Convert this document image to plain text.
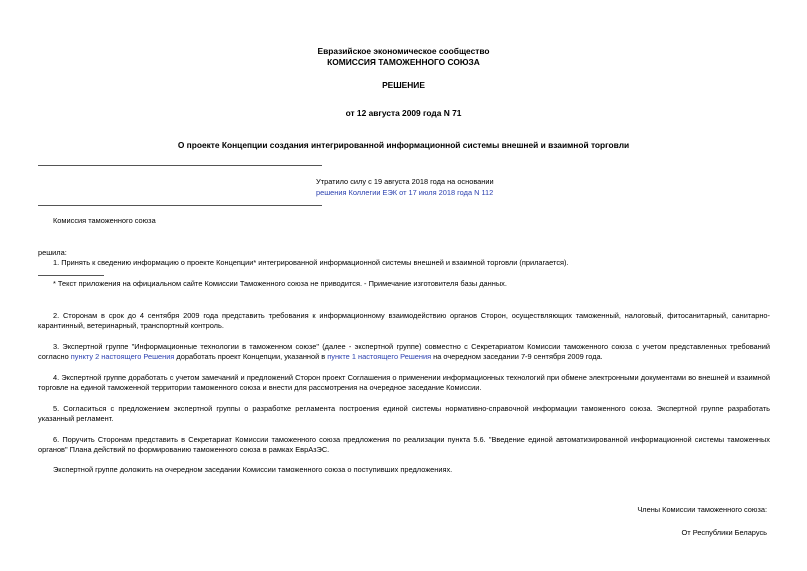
Евразийское экономическое сообщество
КОМИССИЯ ТАМОЖЕННОГО СОЮЗА
РЕШЕНИЕ
от 12 августа 2009 года N 71
О проекте Концепции создания интегрированной информационной системы внешней и взаимной торговли
Утратило силу с 19 августа 2018 года на основании
решения Коллегии ЕЭК от 17 июля 2018 года N 112
Комиссия таможенного союза
решила:
1. Принять к сведению информацию о проекте Концепции* интегрированной информационной системы внешней и взаимной торговли (прилагается).
* Текст приложения на официальном сайте Комиссии Таможенного союза не приводится. - Примечание изготовителя базы данных.
2. Сторонам в срок до 4 сентября 2009 года представить требования к информационному взаимодействию органов Сторон, осуществляющих таможенный, налоговый, фитосанитарный, санитарно-карантинный, ветеринарный, транспортный контроль.
3. Экспертной группе "Информационные технологии в таможенном союзе" (далее - экспертной группе) совместно с Секретариатом Комиссии таможенного союза с учетом представленных требований согласно пункту 2 настоящего Решения доработать проект Концепции, указанной в пункте 1 настоящего Решения на очередном заседании 7-9 сентября 2009 года.
4. Экспертной группе доработать с учетом замечаний и предложений Сторон проект Соглашения о применении информационных технологий при обмене электронными документами во внешней и взаимной торговле на единой таможенной территории таможенного союза и внести для рассмотрения на очередное заседание Комиссии.
5. Согласиться с предложением экспертной группы о разработке регламента построения единой системы нормативно-справочной информации таможенного союза. Экспертной группе разработать указанный регламент.
6. Поручить Сторонам представить в Секретариат Комиссии таможенного союза предложения по реализации пункта 5.6. "Введение единой автоматизированной информационной системы таможенных органов" Плана действий по формированию таможенного союза в рамках ЕврАзЭС.
Экспертной группе доложить на очередном заседании Комиссии таможенного союза о поступивших предложениях.
Члены Комиссии таможенного союза:
От Республики Беларусь
